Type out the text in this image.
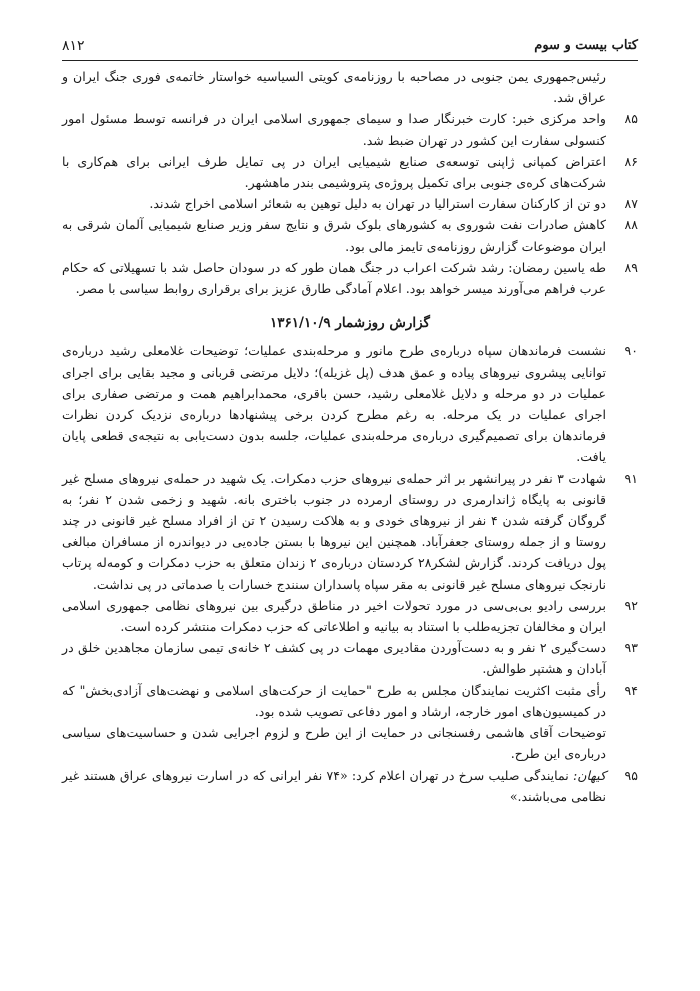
کتاب بیست و سوم
۸۱۲

رئیس‌جمهوری یمن جنوبی در مصاحبه با روزنامه‌ی کویتی السیاسیه خواستار خاتمه‌ی فوری جنگ ایران و عراق شد.

۸۵

واحد مرکزی خبر: کارت خبرنگار صدا و سیمای جمهوری اسلامی ایران در فرانسه توسط مسئول امور کنسولی سفارت این کشور در تهران ضبط شد.

۸۶

اعتراض کمپانی ژاپنی توسعه‌ی صنایع شیمیایی ایران در پی تمایل طرف ایرانی برای هم‌کاری با شرکت‌های کره‌ی جنوبی برای تکمیل پروژه‌ی پتروشیمی بندر ماهشهر.

۸۷

دو تن از کارکنان سفارت استرالیا در تهران به دلیل توهین به شعائر اسلامی اخراج شدند.

۸۸

کاهش صادرات نفت شوروی به کشورهای بلوک شرق و نتایج سفر وزیر صنایع شیمیایی آلمان شرقی به ایران موضوعات گزارش روزنامه‌ی تایمز مالی بود.

۸۹

طه یاسین رمضان: رشد شرکت اعراب در جنگ همان طور که در سودان حاصل شد با تسهیلاتی که حکام عرب فراهم می‌آورند میسر خواهد بود. اعلام آمادگی طارق عزیز برای برقراری روابط سیاسی با مصر.

گزارش روزشمار ۱۳۶۱/۱۰/۹
۹۰

نشست فرماندهان سپاه درباره‌ی طرح مانور و مرحله‌بندی عملیات؛ توضیحات غلامعلی رشید درباره‌ی توانایی پیشروی نیروهای پیاده و عمق هدف (پل غزیله)؛ دلایل مرتضی قربانی و مجید بقایی برای اجرای عملیات در دو مرحله و دلایل غلامعلی رشید، حسن باقری، محمدابراهیم همت و مرتضی صفاری برای اجرای عملیات در یک مرحله. به رغم مطرح کردن برخی پیشنهادها درباره‌ی نزدیک کردن نظرات فرماندهان برای تصمیم‌گیری درباره‌ی مرحله‌بندی عملیات، جلسه بدون دست‌یابی به نتیجه‌ی قطعی پایان یافت.

۹۱

شهادت ۳ نفر در پیرانشهر بر اثر حمله‌ی نیروهای حزب دمکرات. یک شهید در حمله‌ی نیروهای مسلح غیر قانونی به پایگاه ژاندارمری در روستای ارمرده در جنوب باختری بانه. شهید و زخمی شدن ۲ نفر؛ به گروگان گرفته شدن ۴ نفر از نیروهای خودی و به هلاکت رسیدن ۲ تن از افراد مسلح غیر قانونی در چند روستا و از جمله روستای جعفرآباد. همچنین این نیروها با بستن جاده‌یی در دیواندره از مسافران مبالغی پول دریافت کردند. گزارش لشکر۲۸ کردستان درباره‌ی ۲ زندان متعلق به حزب دمکرات و کومه‌له پرتاب نارنجک نیروهای مسلح غیر قانونی به مقر سپاه پاسداران سنندج خسارات یا صدماتی در پی نداشت.

۹۲

بررسی رادیو بی‌بی‌سی در مورد تحولات اخیر در مناطق درگیری بین نیروهای نظامی جمهوری اسلامی ایران و مخالفان تجزیه‌طلب با استناد به بیانیه و اطلاعاتی که حزب دمکرات منتشر کرده است.

۹۳

دست‌گیری ۲ نفر و به دست‌آوردن مقادیری مهمات در پی کشف ۲ خانه‌ی تیمی سازمان مجاهدین خلق در آبادان و هشتپر طوالش.

۹۴

رأی مثبت اکثریت نمایندگان مجلس به طرح "حمایت از حرکت‌های اسلامی و نهضت‌های آزادی‌بخش" که در کمیسیون‌های امور خارجه، ارشاد و امور دفاعی تصویب شده بود.

توضیحات آقای هاشمی رفسنجانی در حمایت از این طرح و لزوم اجرایی شدن و حساسیت‌های سیاسی درباره‌ی این طرح.

۹۵

کیهان: نمایندگی صلیب سرخ در تهران اعلام کرد: «۷۴ نفر ایرانی که در اسارت نیروهای عراق هستند غیر نظامی می‌باشند.»
